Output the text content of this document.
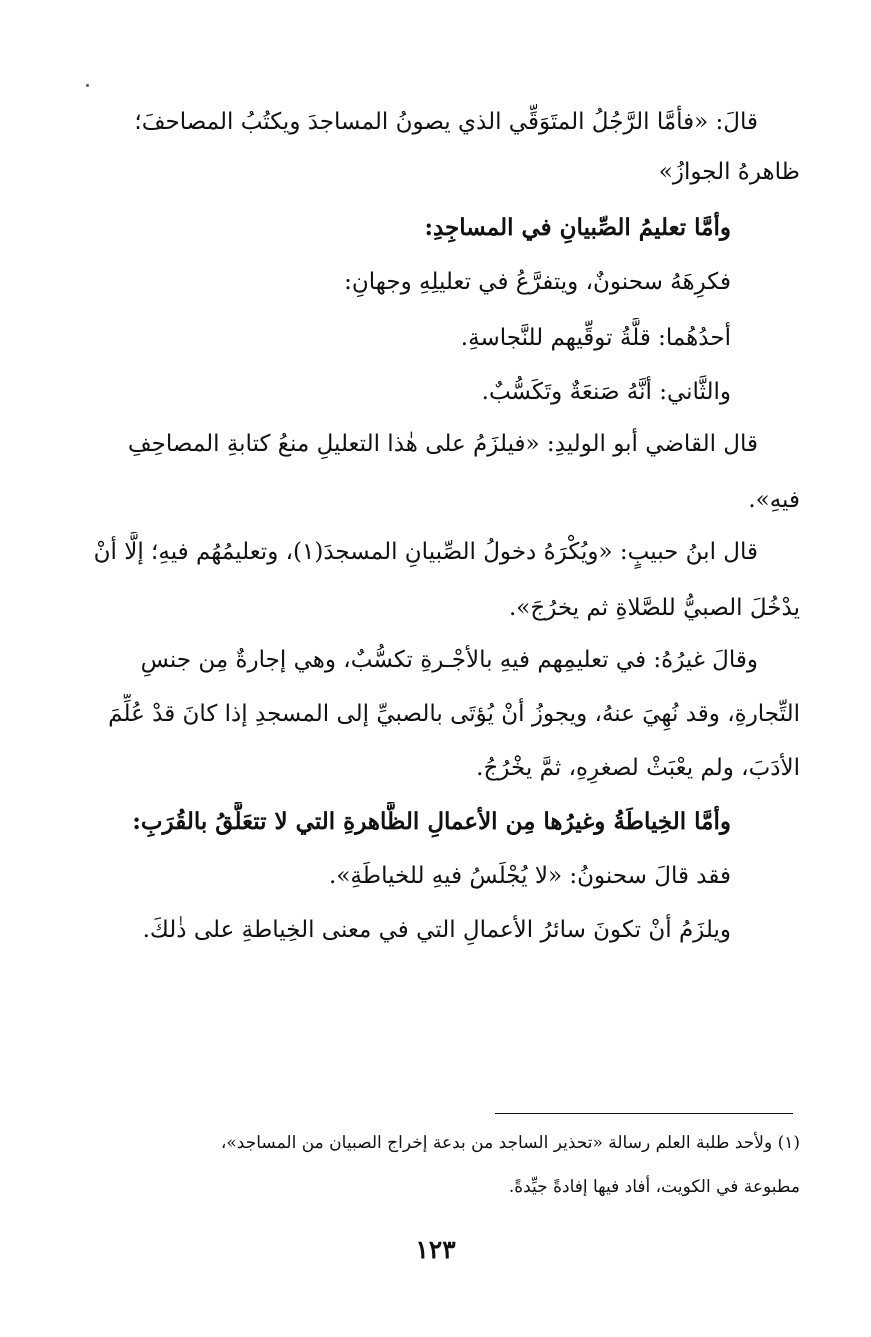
قالَ: «فأمَّا الرَّجُلُ المتَوَقِّي الذي يصونُ المساجدَ ويكتُبُ المصاحفَ؛
ظاهرهُ الجوازُ»
وأمَّا تعليمُ الصِّبيانِ في المساجِدِ:
فكرِهَهُ سحنونٌ، ويتفرَّعُ في تعليلِهِ وجهانِ:
أحدُهُما: قلَّةُ توقِّيهم للنَّجاسةِ.
والثَّاني: أنَّهُ صَنعَةٌ وتَكَسُّبٌ.
قال القاضي أبو الوليدِ: «فيلزَمُ على هٰذا التعليلِ منعُ كتابةِ المصاحِفِ
فيهِ».
قال ابنُ حبيبٍ: «ويُكْرَهُ دخولُ الصِّبيانِ المسجدَ(١)، وتعليمُهُم فيهِ؛ إلَّا أنْ
يدْخُلَ الصبيُّ للصَّلاةِ ثم يخرُجَ».
وقالَ غيرُهُ: في تعليمِهم فيهِ بالأجْـرةِ تكسُّبٌ، وهي إجارةٌ مِن جنسِ
التِّجارةِ، وقد نُهِيَ عنهُ، ويجوزُ أنْ يُؤتَى بالصبيِّ إلى المسجدِ إذا كانَ قدْ عُلِّمَ
الأدَبَ، ولم يعْبَثْ لصغرِهِ، ثمَّ يخْرُجُ.
وأمَّا الخِياطَةُ وغيرُها مِن الأعمالِ الظَّاهرةِ التي لا تتعَلَّقُ بالقُرَبِ:
فقد قالَ سحنونُ: «لا يُجْلَسُ فيهِ للخياطَةِ».
ويلزَمُ أنْ تكونَ سائرُ الأعمالِ التي في معنى الخِياطةِ على ذٰلكَ.
(١) ولأحد طلبة العلم رسالة «تحذير الساجد من بدعة إخراج الصبيان من المساجد»،
مطبوعة في الكويت، أفاد فيها إفادةً جيِّدةً.
١٢٣
